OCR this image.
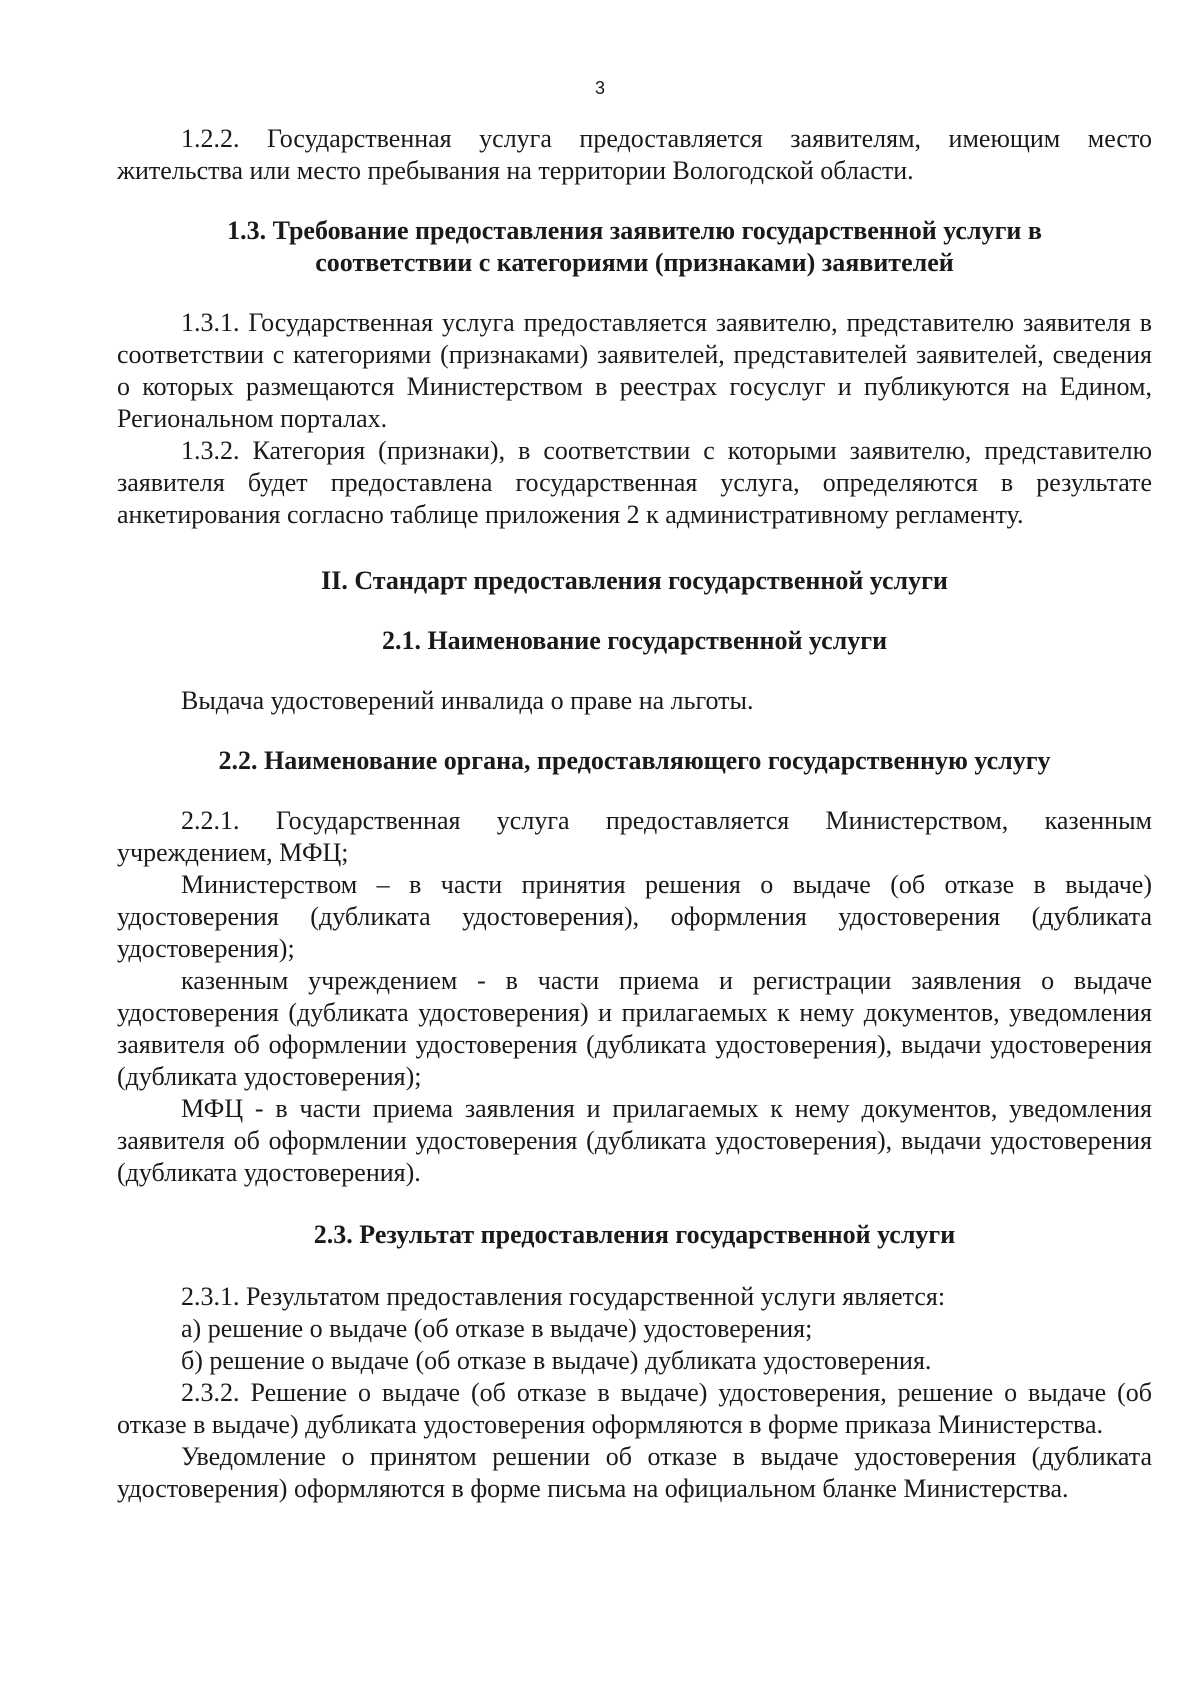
3

1.2.2. Государственная услуга предоставляется заявителям, имеющим место жительства или место пребывания на территории Вологодской области.

1.3. Требование предоставления заявителю государственной услуги в
соответствии с категориями (признаками) заявителей

1.3.1. Государственная услуга предоставляется заявителю, представителю заявителя в соответствии с категориями (признаками) заявителей, представителей заявителей, сведения о которых размещаются Министерством в реестрах госуслуг и публикуются на Едином, Региональном порталах.

1.3.2. Категория (признаки), в соответствии с которыми заявителю, представителю заявителя будет предоставлена государственная услуга, определяются в результате анкетирования согласно таблице приложения 2 к административному регламенту.

II. Стандарт предоставления государственной услуги
2.1. Наименование государственной услуги

Выдача удостоверений инвалида о праве на льготы.

2.2. Наименование органа, предоставляющего государственную услугу

2.2.1. Государственная услуга предоставляется Министерством, казенным учреждением, МФЦ;

Министерством – в части принятия решения о выдаче (об отказе в выдаче) удостоверения (дубликата удостоверения), оформления удостоверения (дубликата удостоверения);

казенным учреждением - в части приема и регистрации заявления о выдаче удостоверения (дубликата удостоверения) и прилагаемых к нему документов, уведомления заявителя об оформлении удостоверения (дубликата удостоверения), выдачи удостоверения (дубликата удостоверения);

МФЦ - в части приема заявления и прилагаемых к нему документов, уведомления заявителя об оформлении удостоверения (дубликата удостоверения), выдачи удостоверения (дубликата удостоверения).

2.3. Результат предоставления государственной услуги

2.3.1. Результатом предоставления государственной услуги является:

а) решение о выдаче (об отказе в выдаче) удостоверения;

б) решение о выдаче (об отказе в выдаче) дубликата удостоверения.

2.3.2. Решение о выдаче (об отказе в выдаче) удостоверения, решение о выдаче (об отказе в выдаче) дубликата удостоверения оформляются в форме приказа Министерства.

Уведомление о принятом решении об отказе в выдаче удостоверения (дубликата удостоверения) оформляются в форме письма на официальном бланке Министерства.
